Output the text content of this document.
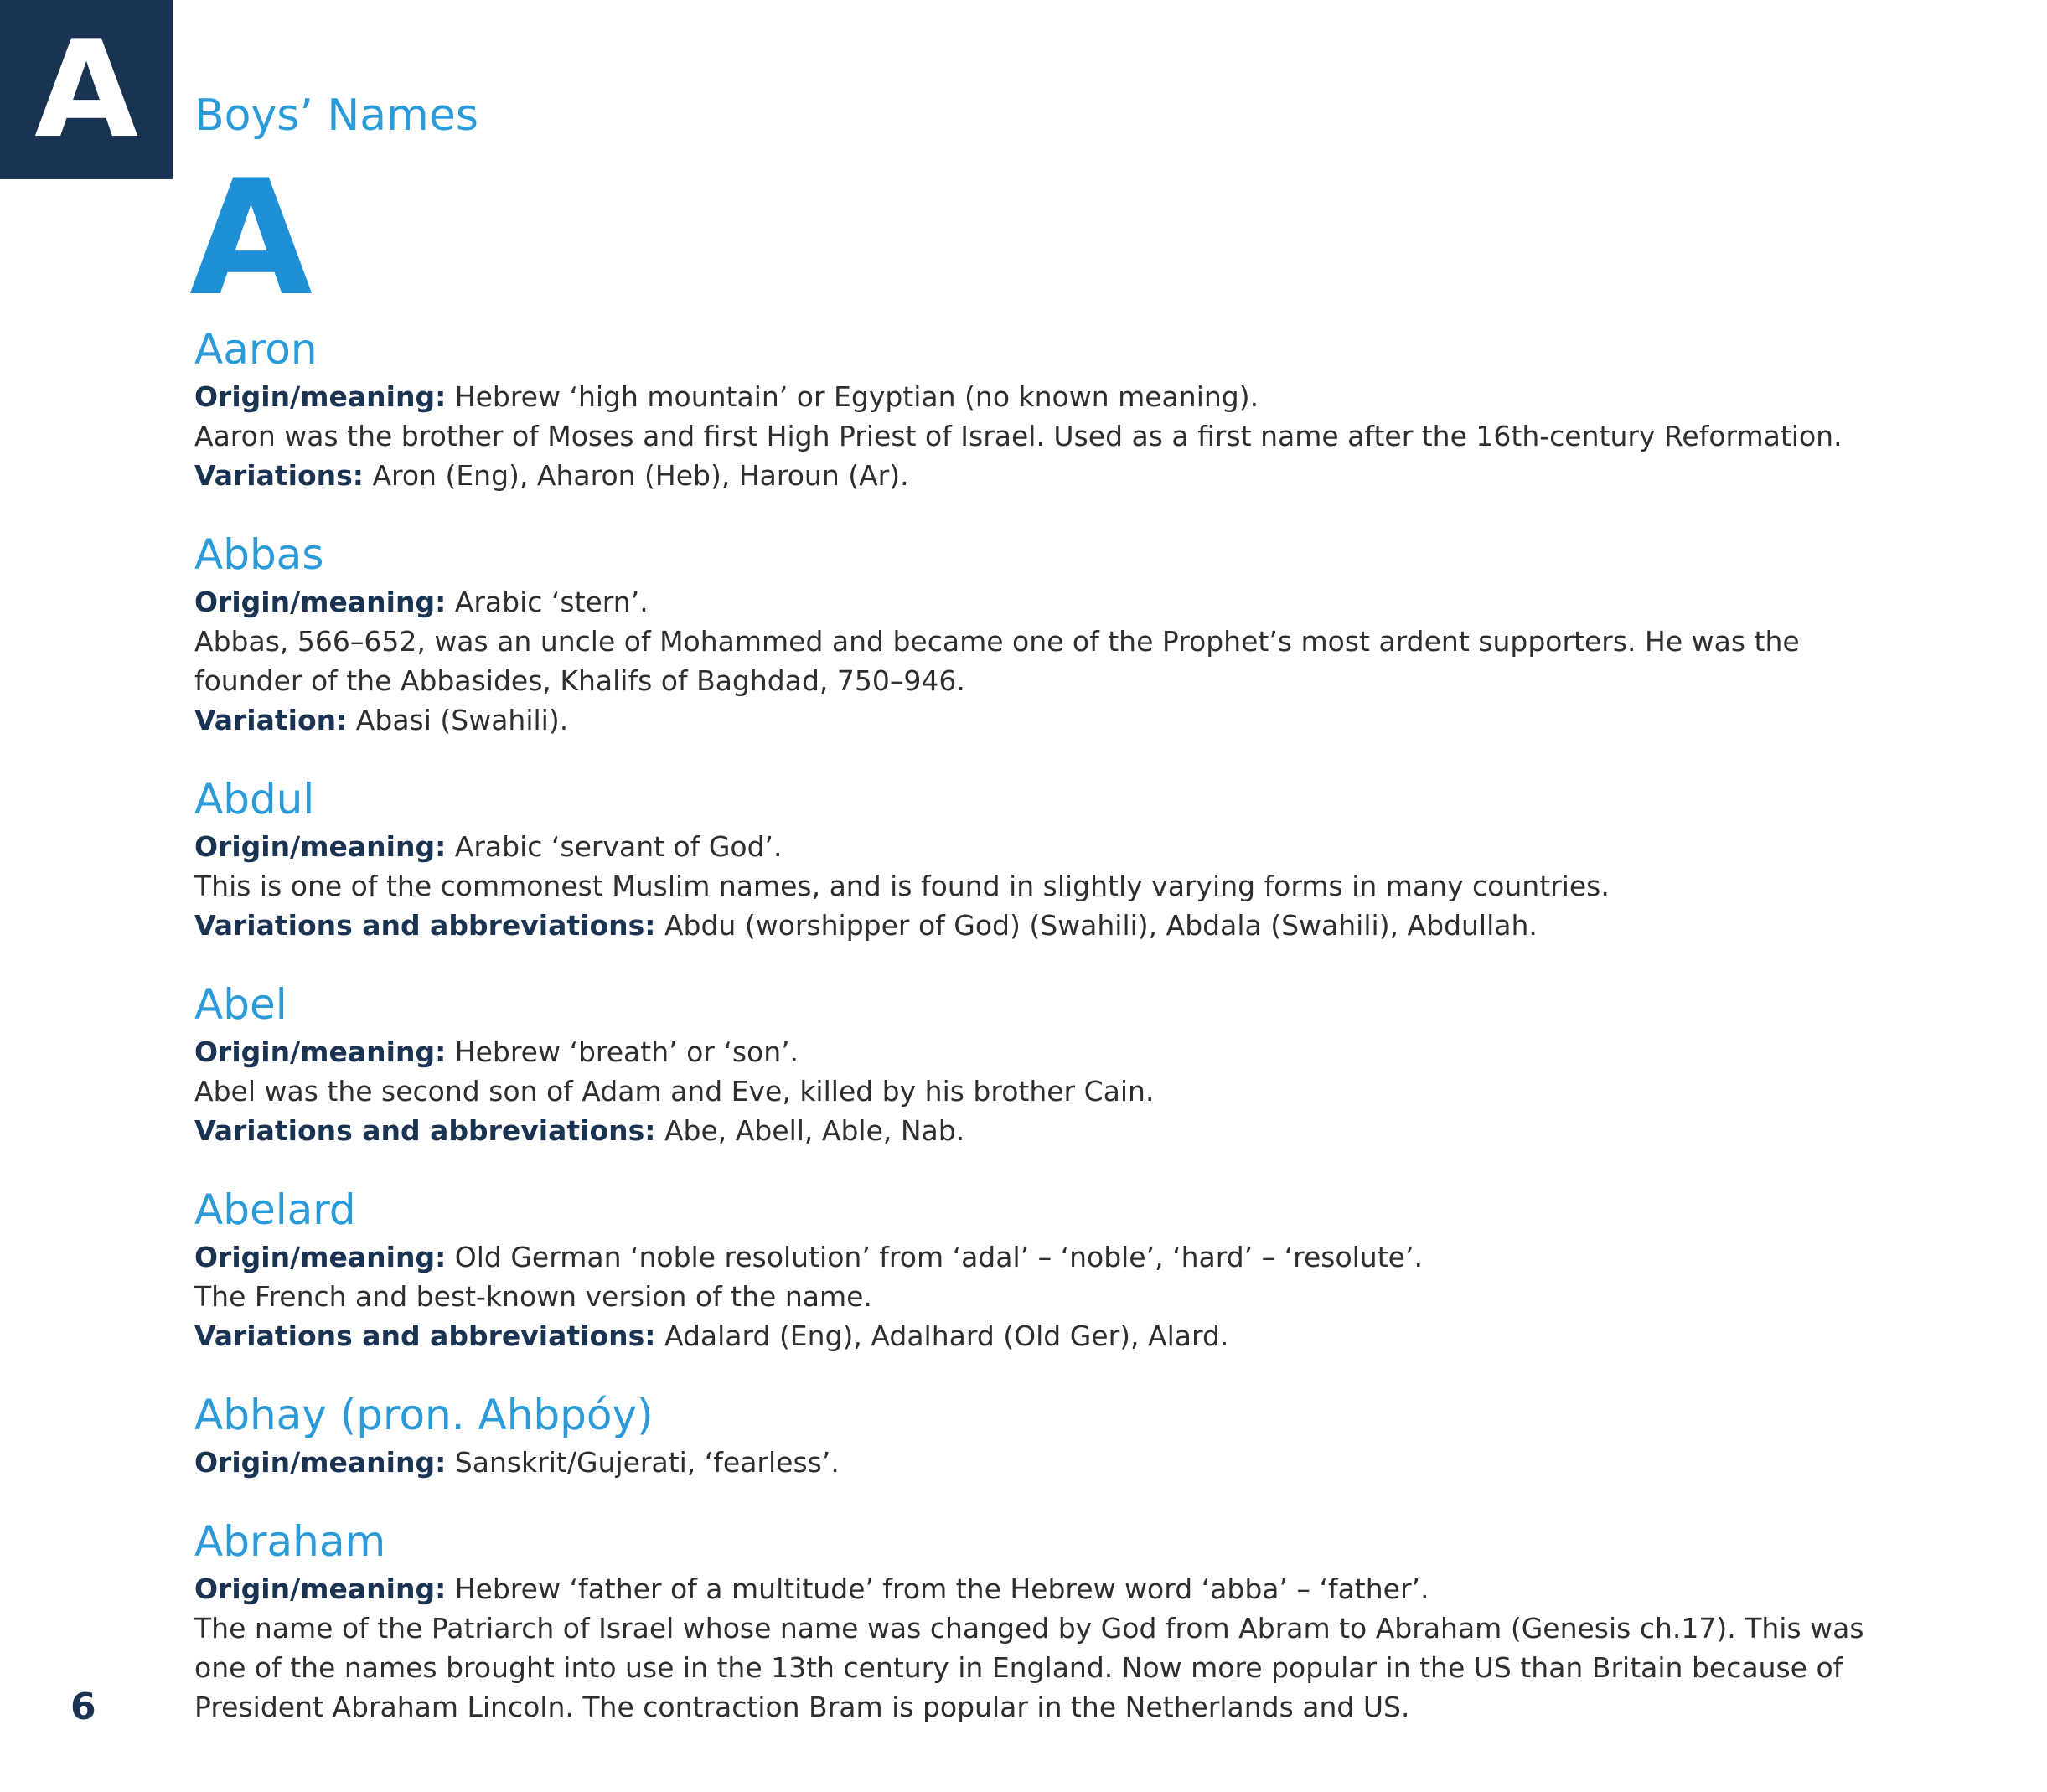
A	Boys’ Names
A
Aaron
Origin/meaning: Hebrew ‘high mountain’ or Egyptian (no known meaning).
Aaron was the brother of Moses and first High Priest of Israel. Used as a first name after the 16th-century Reformation.
Variations: Aron (Eng), Aharon (Heb), Haroun (Ar).
Abbas
Origin/meaning: Arabic ‘stern’.
Abbas, 566–652, was an uncle of Mohammed and became one of the Prophet’s most ardent supporters. He was the founder of the Abbasides, Khalifs of Baghdad, 750–946.
Variation: Abasi (Swahili).
Abdul
Origin/meaning: Arabic ‘servant of God’.
This is one of the commonest Muslim names, and is found in slightly varying forms in many countries.
Variations and abbreviations: Abdu (worshipper of God) (Swahili), Abdala (Swahili), Abdullah.
Abel
Origin/meaning: Hebrew ‘breath’ or ‘son’.
Abel was the second son of Adam and Eve, killed by his brother Cain.
Variations and abbreviations: Abe, Abell, Able, Nab.
Abelard
Origin/meaning: Old German ‘noble resolution’ from ‘adal’ – ‘noble’, ‘hard’ – ‘resolute’.
The French and best-known version of the name.
Variations and abbreviations: Adalard (Eng), Adalhard (Old Ger), Alard.
Abhay (pron. Ahbpóy)
Origin/meaning: Sanskrit/Gujerati, ‘fearless’.
Abraham
Origin/meaning: Hebrew ‘father of a multitude’ from the Hebrew word ‘abba’ – ‘father’.
The name of the Patriarch of Israel whose name was changed by God from Abram to Abraham (Genesis ch.17). This was one of the names brought into use in the 13th century in England. Now more popular in the US than Britain because of President Abraham Lincoln. The contraction Bram is popular in the Netherlands and US.
6
